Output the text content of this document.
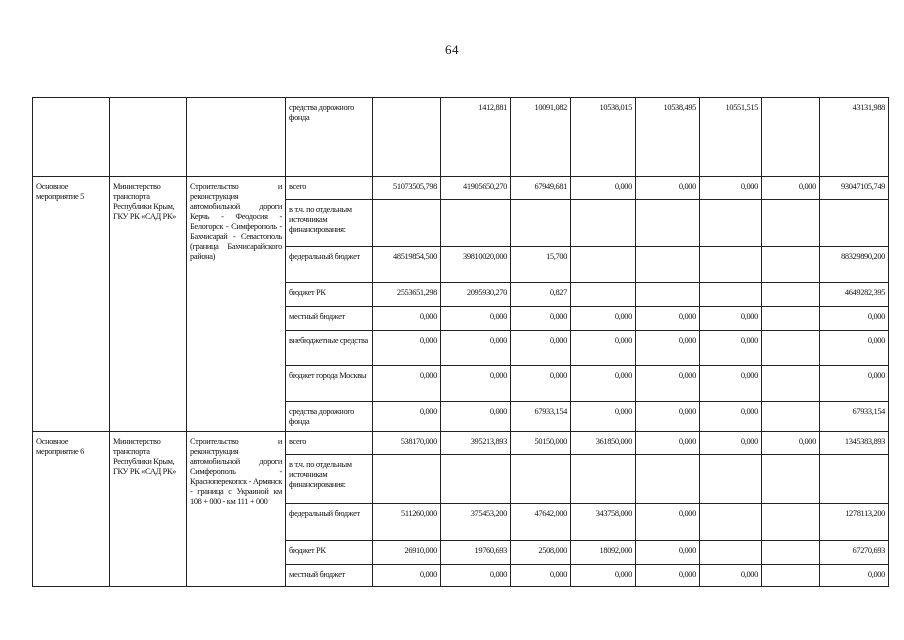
64
			средства дорожного фонда		1412,881	10091,082	10538,015	10538,495	10551,515		43131,988
Основное мероприятие 5	Министерство транспорта Республики Крым, ГКУ РК «САД РК»	Строительство и реконструкция автомобильной дороги Керчь - Феодосия - Белогорск - Симферополь - Бахчисарай - Севастополь (граница Бахчисарайского района)	всего	51073505,798	41905650,270	67949,681	0,000	0,000	0,000	0,000	93047105,749
			в т.ч. по отдельным источникам финансирования:								
			федеральный бюджет	48519854,500	39810020,000	15,700					88329890,200
			бюджет РК	2553651,298	2095930,270	0,827					4649282,395
			местный бюджет	0,000	0,000	0,000	0,000	0,000	0,000		0,000
			внебюджетные средства	0,000	0,000	0,000	0,000	0,000	0,000		0,000
			бюджет города Москвы	0,000	0,000	0,000	0,000	0,000	0,000		0,000
			средства дорожного фонда	0,000	0,000	67933,154	0,000	0,000	0,000		67933,154
Основное мероприятие 6	Министерство транспорта Республики Крым, ГКУ РК «САД РК»	Строительство и реконструкция автомобильной дороги Симферополь - Красноперекопск - Армянск - граница с Украиной км 108 + 000 - км 111 + 000	всего	538170,000	395213,893	50150,000	361850,000	0,000	0,000	0,000	1345383,893
			в т.ч. по отдельным источникам финансирования:								
			федеральный бюджет	511260,000	375453,200	47642,000	343758,000	0,000			1278113,200
			бюджет РК	26910,000	19760,693	2508,000	18092,000	0,000			67270,693
			местный бюджет	0,000	0,000	0,000	0,000	0,000	0,000		0,000
